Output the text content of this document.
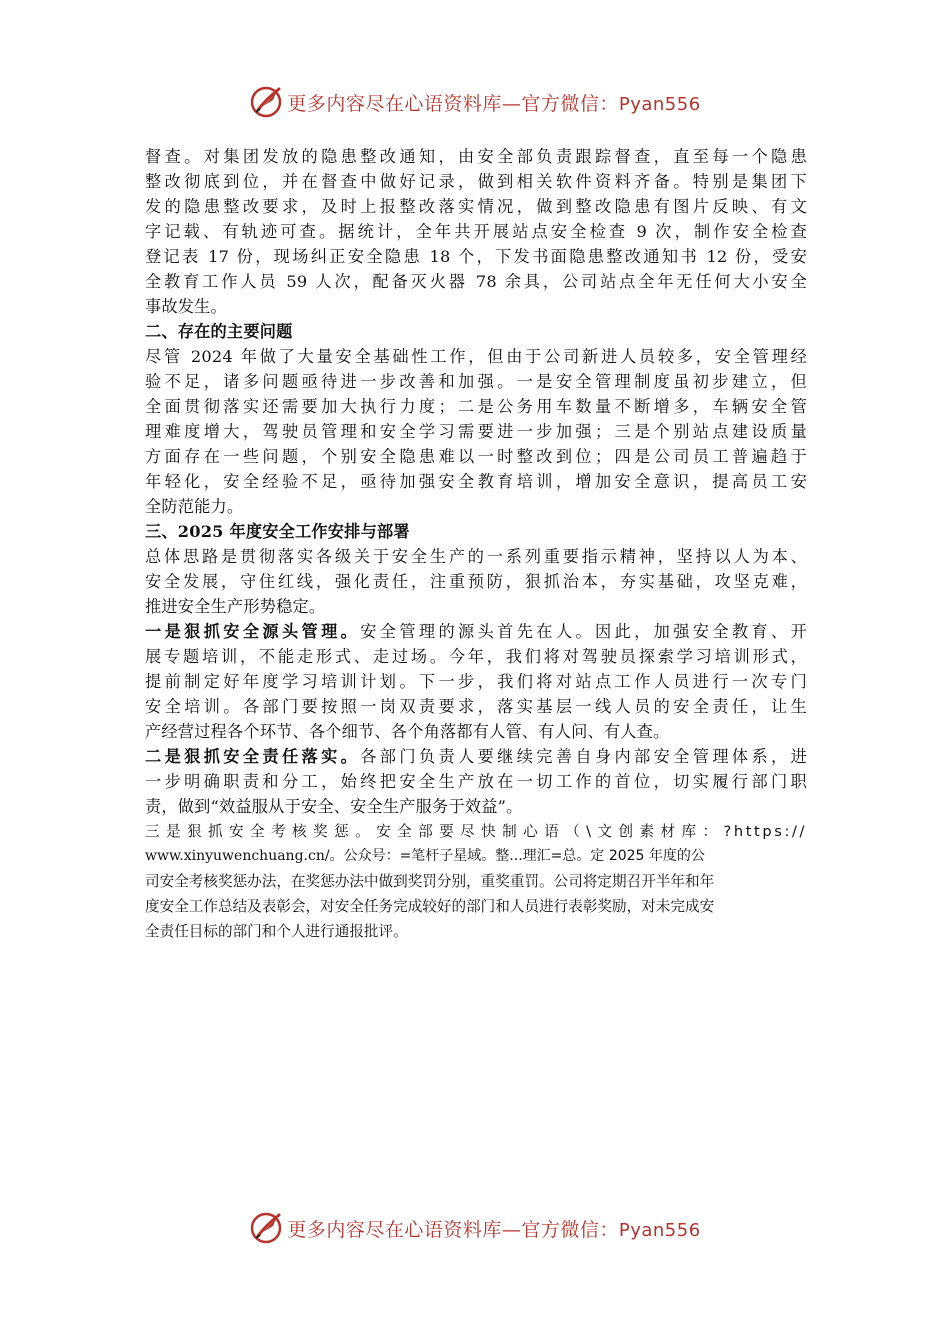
更多内容尽在心语资料库—官方微信：Pyan556
督查。对集团发放的隐患整改通知，由安全部负责跟踪督查，直至每一个隐患
整改彻底到位，并在督查中做好记录，做到相关软件资料齐备。特别是集团下
发的隐患整改要求，及时上报整改落实情况，做到整改隐患有图片反映、有文
字记载、有轨迹可查。据统计，全年共开展站点安全检查 9 次，制作安全检查
登记表 17 份，现场纠正安全隐患 18 个，下发书面隐患整改通知书 12 份，受安
全教育工作人员 59 人次，配备灭火器 78 余具，公司站点全年无任何大小安全
事故发生。
二、存在的主要问题
尽管 2024 年做了大量安全基础性工作，但由于公司新进人员较多，安全管理经
验不足，诸多问题亟待进一步改善和加强。一是安全管理制度虽初步建立，但
全面贯彻落实还需要加大执行力度；二是公务用车数量不断增多，车辆安全管
理难度增大，驾驶员管理和安全学习需要进一步加强；三是个别站点建设质量
方面存在一些问题，个别安全隐患难以一时整改到位；四是公司员工普遍趋于
年轻化，安全经验不足，亟待加强安全教育培训，增加安全意识，提高员工安
全防范能力。
三、2025 年度安全工作安排与部署
总体思路是贯彻落实各级关于安全生产的一系列重要指示精神，坚持以人为本、
安全发展，守住红线，强化责任，注重预防，狠抓治本，夯实基础，攻坚克难，
推进安全生产形势稳定。
一是狠抓安全源头管理。安全管理的源头首先在人。因此，加强安全教育、开
展专题培训，不能走形式、走过场。今年，我们将对驾驶员探索学习培训形式，
提前制定好年度学习培训计划。下一步，我们将对站点工作人员进行一次专门
安全培训。各部门要按照一岗双责要求，落实基层一线人员的安全责任，让生
产经营过程各个环节、各个细节、各个角落都有人管、有人问、有人查。
二是狠抓安全责任落实。各部门负责人要继续完善自身内部安全管理体系，进
一步明确职责和分工，始终把安全生产放在一切工作的首位，切实履行部门职
责，做到“效益服从于安全、安全生产服务于效益”。
三是狠抓安全考核奖惩。安全部要尽快制心语（\文创素材库：?https://
www.xinyuwenchuang.cn/。公众号：=笔杆子星域。整...理汇=总。定 2025 年度的公
司安全考核奖惩办法，在奖惩办法中做到奖罚分别，重奖重罚。公司将定期召开半年和年
度安全工作总结及表彰会，对安全任务完成较好的部门和人员进行表彰奖励，对未完成安
全责任目标的部门和个人进行通报批评。
更多内容尽在心语资料库—官方微信：Pyan556
